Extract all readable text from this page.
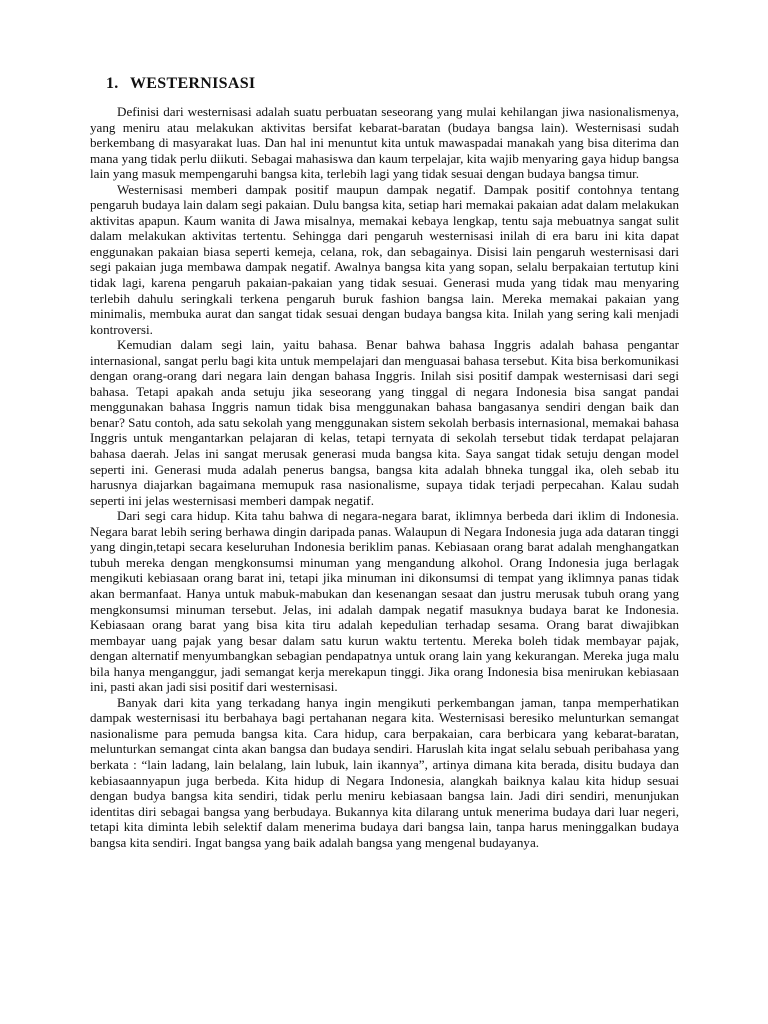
1. WESTERNISASI

Definisi dari westernisasi adalah suatu perbuatan seseorang yang mulai kehilangan jiwa nasionalismenya, yang meniru atau melakukan aktivitas bersifat kebarat-baratan (budaya bangsa lain). Westernisasi sudah berkembang di masyarakat luas. Dan hal ini menuntut kita untuk mawaspadai manakah yang bisa diterima dan mana yang tidak perlu diikuti. Sebagai mahasiswa dan kaum terpelajar, kita wajib menyaring gaya hidup bangsa lain yang masuk mempengaruhi bangsa kita, terlebih lagi yang tidak sesuai dengan budaya bangsa timur.

Westernisasi memberi dampak positif maupun dampak negatif. Dampak positif contohnya tentang pengaruh budaya lain dalam segi pakaian. Dulu bangsa kita, setiap hari memakai pakaian adat dalam melakukan aktivitas apapun. Kaum wanita di Jawa misalnya, memakai kebaya lengkap, tentu saja mebuatnya sangat sulit dalam melakukan aktivitas tertentu. Sehingga dari pengaruh westernisasi inilah di era baru ini kita dapat enggunakan pakaian biasa seperti kemeja, celana, rok, dan sebagainya. Disisi lain pengaruh westernisasi dari segi pakaian juga membawa dampak negatif. Awalnya bangsa kita yang sopan, selalu berpakaian tertutup kini tidak lagi, karena pengaruh pakaian-pakaian yang tidak sesuai. Generasi muda yang tidak mau menyaring terlebih dahulu seringkali terkena pengaruh buruk fashion bangsa lain. Mereka memakai pakaian yang minimalis, membuka aurat dan sangat tidak sesuai dengan budaya bangsa kita. Inilah yang sering kali menjadi kontroversi.

Kemudian dalam segi lain, yaitu bahasa. Benar bahwa bahasa Inggris adalah bahasa pengantar internasional, sangat perlu bagi kita untuk mempelajari dan menguasai bahasa tersebut. Kita bisa berkomunikasi dengan orang-orang dari negara lain dengan bahasa Inggris. Inilah sisi positif dampak westernisasi dari segi bahasa. Tetapi apakah anda setuju jika seseorang yang tinggal di negara Indonesia bisa sangat pandai menggunakan bahasa Inggris namun tidak bisa menggunakan bahasa bangasanya sendiri dengan baik dan benar? Satu contoh, ada satu sekolah yang menggunakan sistem sekolah berbasis internasional, memakai bahasa Inggris untuk mengantarkan pelajaran di kelas, tetapi ternyata di sekolah tersebut tidak terdapat pelajaran bahasa daerah. Jelas ini sangat merusak generasi muda bangsa kita. Saya sangat tidak setuju dengan model seperti ini. Generasi muda adalah penerus bangsa, bangsa kita adalah bhneka tunggal ika, oleh sebab itu harusnya diajarkan bagaimana memupuk rasa nasionalisme, supaya tidak terjadi perpecahan. Kalau sudah seperti ini jelas westernisasi memberi dampak negatif.

Dari segi cara hidup. Kita tahu bahwa di negara-negara barat, iklimnya berbeda dari iklim di Indonesia. Negara barat lebih sering berhawa dingin daripada panas. Walaupun di Negara Indonesia juga ada dataran tinggi yang dingin,tetapi secara keseluruhan Indonesia beriklim panas. Kebiasaan orang barat adalah menghangatkan tubuh mereka dengan mengkonsumsi minuman yang mengandung alkohol. Orang Indonesia juga berlagak mengikuti kebiasaan orang barat ini, tetapi jika minuman ini dikonsumsi di tempat yang iklimnya panas tidak akan bermanfaat. Hanya untuk mabuk-mabukan dan kesenangan sesaat dan justru merusak tubuh orang yang mengkonsumsi minuman tersebut. Jelas, ini adalah dampak negatif masuknya budaya barat ke Indonesia. Kebiasaan orang barat yang bisa kita tiru adalah kepedulian terhadap sesama. Orang barat diwajibkan membayar uang pajak yang besar dalam satu kurun waktu tertentu. Mereka boleh tidak membayar pajak, dengan alternatif menyumbangkan sebagian pendapatnya untuk orang lain yang kekurangan. Mereka juga malu bila hanya menganggur, jadi semangat kerja merekapun tinggi. Jika orang Indonesia bisa menirukan kebiasaan ini, pasti akan jadi sisi positif dari westernisasi.

Banyak dari kita yang terkadang hanya ingin mengikuti perkembangan jaman, tanpa memperhatikan dampak westernisasi itu berbahaya bagi pertahanan negara kita. Westernisasi beresiko melunturkan semangat nasionalisme para pemuda bangsa kita. Cara hidup, cara berpakaian, cara berbicara yang kebarat-baratan, melunturkan semangat cinta akan bangsa dan budaya sendiri. Haruslah kita ingat selalu sebuah peribahasa yang berkata : “lain ladang, lain belalang, lain lubuk, lain ikannya”, artinya dimana kita berada, disitu budaya dan kebiasaannyapun juga berbeda. Kita hidup di Negara Indonesia, alangkah baiknya kalau kita hidup sesuai dengan budya bangsa kita sendiri, tidak perlu meniru kebiasaan bangsa lain. Jadi diri sendiri, menunjukan identitas diri sebagai bangsa yang berbudaya. Bukannya kita dilarang untuk menerima budaya dari luar negeri, tetapi kita diminta lebih selektif dalam menerima budaya dari bangsa lain, tanpa harus meninggalkan budaya bangsa kita sendiri. Ingat bangsa yang baik adalah bangsa yang mengenal budayanya.
